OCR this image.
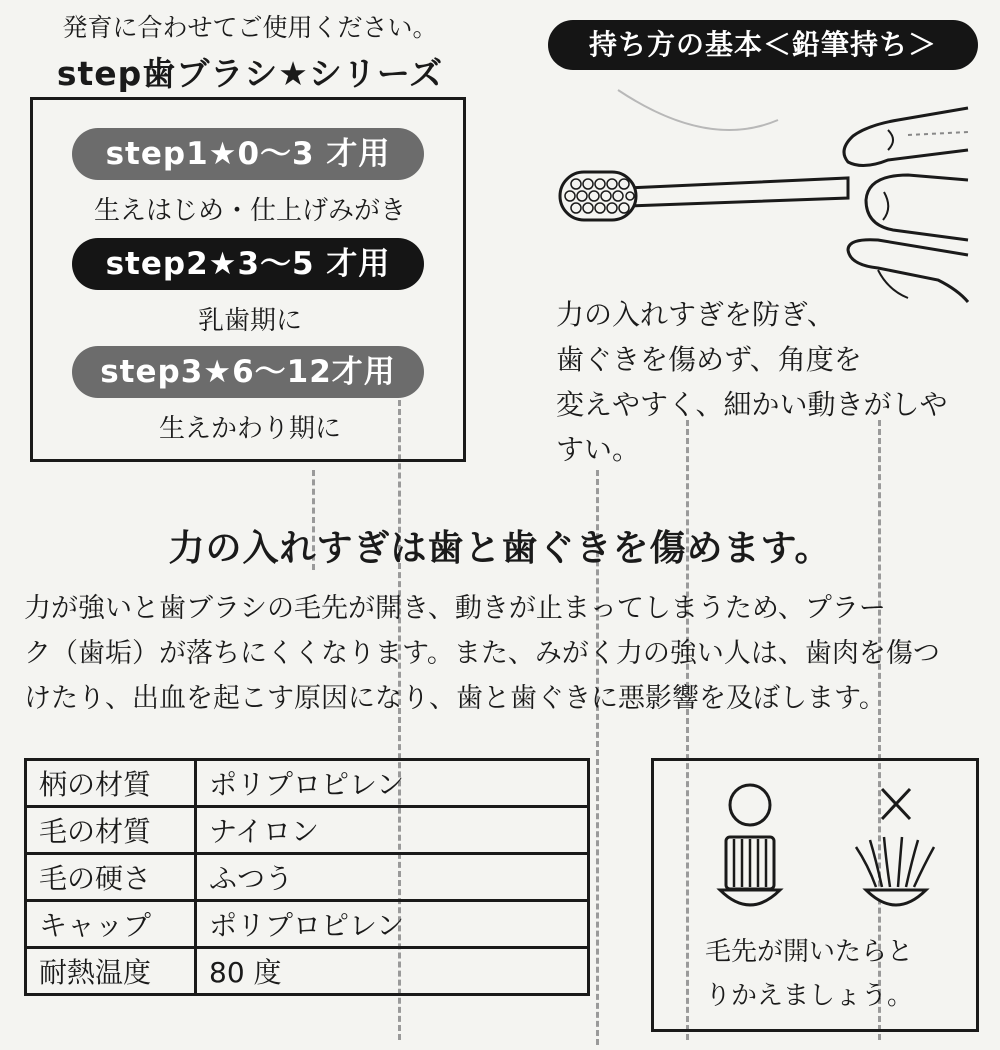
発育に合わせてご使用ください。
step歯ブラシ★シリーズ
step1★0〜3 才用
生えはじめ・仕上げみがき
step2★3〜5 才用
乳歯期に
step3★6〜12才用
生えかわり期に
持ち方の基本＜鉛筆持ち＞
力の入れすぎを防ぎ、
歯ぐきを傷めず、角度を
変えやすく、細かい動きがしや
すい。
力の入れすぎは歯と歯ぐきを傷めます。
力が強いと歯ブラシの毛先が開き、動きが止まってしまうため、プラー
ク（歯垢）が落ちにくくなります。また、みがく力の強い人は、歯肉を傷つ
けたり、出血を起こす原因になり、歯と歯ぐきに悪影響を及ぼします。
柄の材質	ポリプロピレン
毛の材質	ナイロン
毛の硬さ	ふつう
キャップ	ポリプロピレン
耐熱温度	80 度
毛先が開いたらと
りかえましょう。
